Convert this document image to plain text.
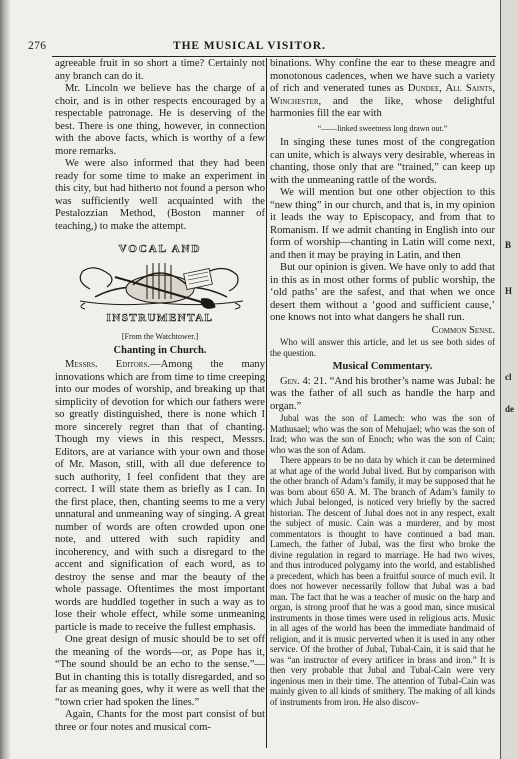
B
H
cl
de
276	THE MUSICAL VISITOR.

agreeable fruit in so short a time? Certainly not any branch can do it.

Mr. Lincoln we believe has the charge of a choir, and is in other respects encouraged by a respectable patronage. He is deserving of the best. There is one thing, however, in connection with the above facts, which is worthy of a few more remarks.

We were also informed that they had been ready for some time to make an experiment in this city, but had hitherto not found a person who was sufficiently well acquainted with the Pestalozzian Method, (Boston manner of teaching,) to make the attempt.

VOCAL AND
INSTRUMENTAL
[From the Watchtower.]
Chanting in Church.

Messrs. Editors.—Among the many innovations which are from time to time creeping into our modes of worship, and breaking up that simplicity of devotion for which our fathers were so greatly distinguished, there is none which I more sincerely regret than that of chanting. Though my views in this respect, Messrs. Editors, are at variance with your own and those of Mr. Mason, still, with all due deference to such authority, I feel confident that they are correct. I will state them as briefly as I can. In the first place, then, chanting seems to me a very unnatural and unmeaning way of singing. A great number of words are often crowded upon one note, and uttered with such rapidity and incoherency, and with such a disregard to the accent and signification of each word, as to destroy the sense and mar the beauty of the whole passage. Oftentimes the most important words are huddled together in such a way as to lose their whole effect, while some unmeaning particle is made to receive the fullest emphasis.

One great design of music should be to set off the meaning of the words—or, as Pope has it, “The sound should be an echo to the sense.”—But in chanting this is totally disregarded, and so far as meaning goes, why it were as well that the “town crier had spoken the lines.”

Again, Chants for the most part consist of but three or four notes and musical com-

binations. Why confine the ear to these meagre and monotonous cadences, when we have such a variety of rich and venerated tunes as Dundee, All Saints, Winchester, and the like, whose delightful harmonies fill the ear with

“——linked sweetness long drawn out.”

In singing these tunes most of the congregation can unite, which is always very desirable, whereas in chanting, those only that are “trained,” can keep up with the unmeaning rattle of the words.

We will mention but one other objection to this “new thing” in our church, and that is, in my opinion it leads the way to Episcopacy, and from that to Romanism. If we admit chanting in English into our form of worship—chanting in Latin will come next, and then it may be praying in Latin, and then

But our opinion is given. We have only to add that in this as in most other forms of public worship, the ‘old paths’ are the safest, and that when we once desert them without a ‘good and sufficient cause,’ one knows not into what dangers he shall run.

Common Sense.

Who will answer this article, and let us see both sides of the question.

Musical Commentary.

Gen. 4: 21. “And his brother’s name was Jubal: he was the father of all such as handle the harp and organ.”

Jubal was the son of Lamech: who was the son of Mathusael; who was the son of Mehujael; who was the son of Irad; who was the son of Enoch; who was the son of Cain; who was the son of Adam.

There appears to be no data by which it can be determined at what age of the world Jubal lived. But by comparison with the other branch of Adam’s family, it may be supposed that he was born about 650 A. M. The branch of Adam’s family to which Jubal belonged, is noticed very briefly by the sacred historian. The descent of Jubal does not in any respect, exalt the subject of music. Cain was a murderer, and by most commentators is thought to have continued a bad man. Lamech, the father of Jubal, was the first who broke the divine regulation in regard to marriage. He had two wives, and thus introduced polygamy into the world, and established a precedent, which has been a fruitful source of much evil. It does not however necessarily follow that Jubal was a bad man. The fact that he was a teacher of music on the harp and organ, is strong proof that he was a good man, since musical instruments in those times were used in religious acts. Music in all ages of the world has been the immediate handmaid of religion, and it is music perverted when it is used in any other service. Of the brother of Jubal, Tubal-Cain, it is said that he was “an instructor of every artificer in brass and iron.” It is then very probable that Jubal and Tubal-Cain were very ingenious men in their time. The attention of Tubal-Cain was mainly given to all kinds of smithery. The making of all kinds of instruments from iron. He also discov-
